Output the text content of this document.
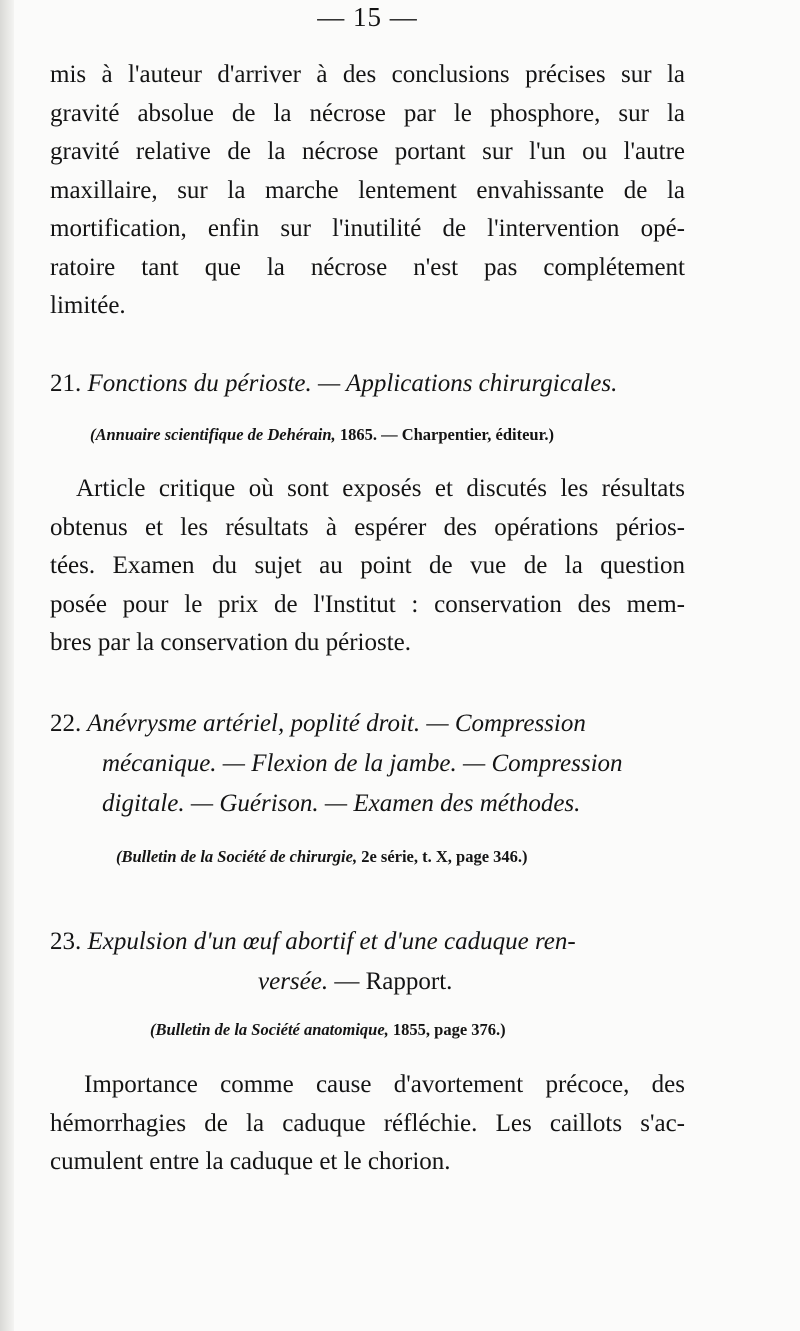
— 15 —
mis à l'auteur d'arriver à des conclusions précises sur la
gravité absolue de la nécrose par le phosphore, sur la
gravité relative de la nécrose portant sur l'un ou l'autre
maxillaire, sur la marche lentement envahissante de la
mortification, enfin sur l'inutilité de l'intervention opé-
ratoire tant que la nécrose n'est pas complétement
limitée.
21. Fonctions du périoste. — Applications chirurgicales.
(Annuaire scientifique de Dehérain, 1865. — Charpentier, éditeur.)
Article critique où sont exposés et discutés les résultats
obtenus et les résultats à espérer des opérations périos-
tées. Examen du sujet au point de vue de la question
posée pour le prix de l'Institut : conservation des mem-
bres par la conservation du périoste.
22. Anévrysme artériel, poplité droit. — Compression
mécanique. — Flexion de la jambe. — Compression
digitale. — Guérison. — Examen des méthodes.
(Bulletin de la Société de chirurgie, 2e série, t. X, page 346.)
23. Expulsion d'un œuf abortif et d'une caduque ren-
versée. — Rapport.
(Bulletin de la Société anatomique, 1855, page 376.)
Importance comme cause d'avortement précoce, des
hémorrhagies de la caduque réfléchie. Les caillots s'ac-
cumulent entre la caduque et le chorion.
